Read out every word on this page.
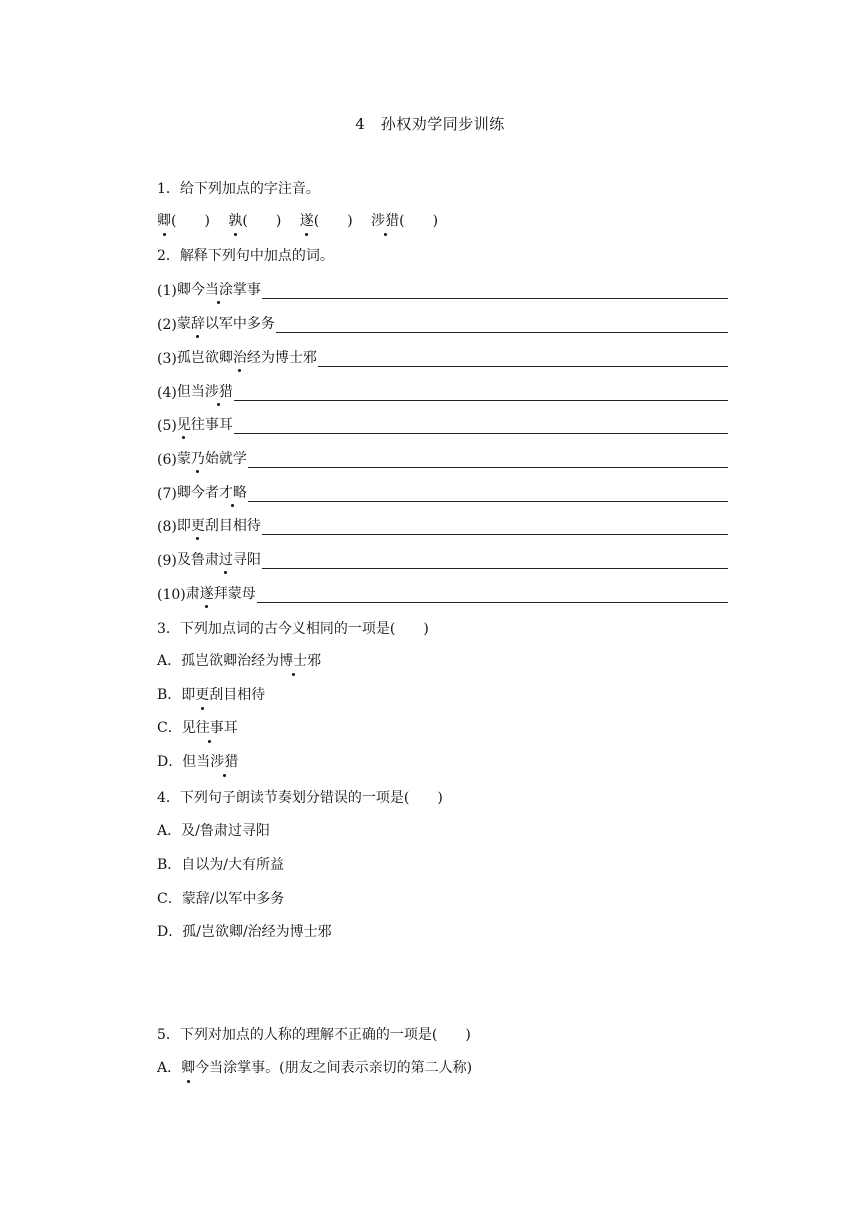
4　孙权劝学同步训练
1．给下列加点的字注音。
卿(　　) 孰(　　) 遂(　　) 涉猎(　　)
2．解释下列句中加点的词。
(1) 卿今 当涂 掌事
(2) 蒙 辞 以军中多务
(3) 孤岂欲卿 治 经为博士邪
(4) 但当 涉猎
(5) 见 往事耳
(6) 蒙 乃 始就学
(7) 卿今者 才略
(8) 即 更 刮目相待
(9) 及鲁肃 过 寻阳
(10) 肃 遂 拜蒙母
3．下列加点词的古今义相同的一项是(　　)
A．孤岂欲卿治经为博士邪
B．即更刮目相待
C．见往事耳
D．但当涉猎
4．下列句子朗读节奏划分错误的一项是(　　)
A．及/鲁肃过寻阳
B．自以为/大有所益
C．蒙辞/以军中多务
D．孤/岂欲卿/治经为博士邪
5．下列对加点的人称的理解不正确的一项是(　　)
A．卿今当涂掌事。(朋友之间表示亲切的第二人称)
